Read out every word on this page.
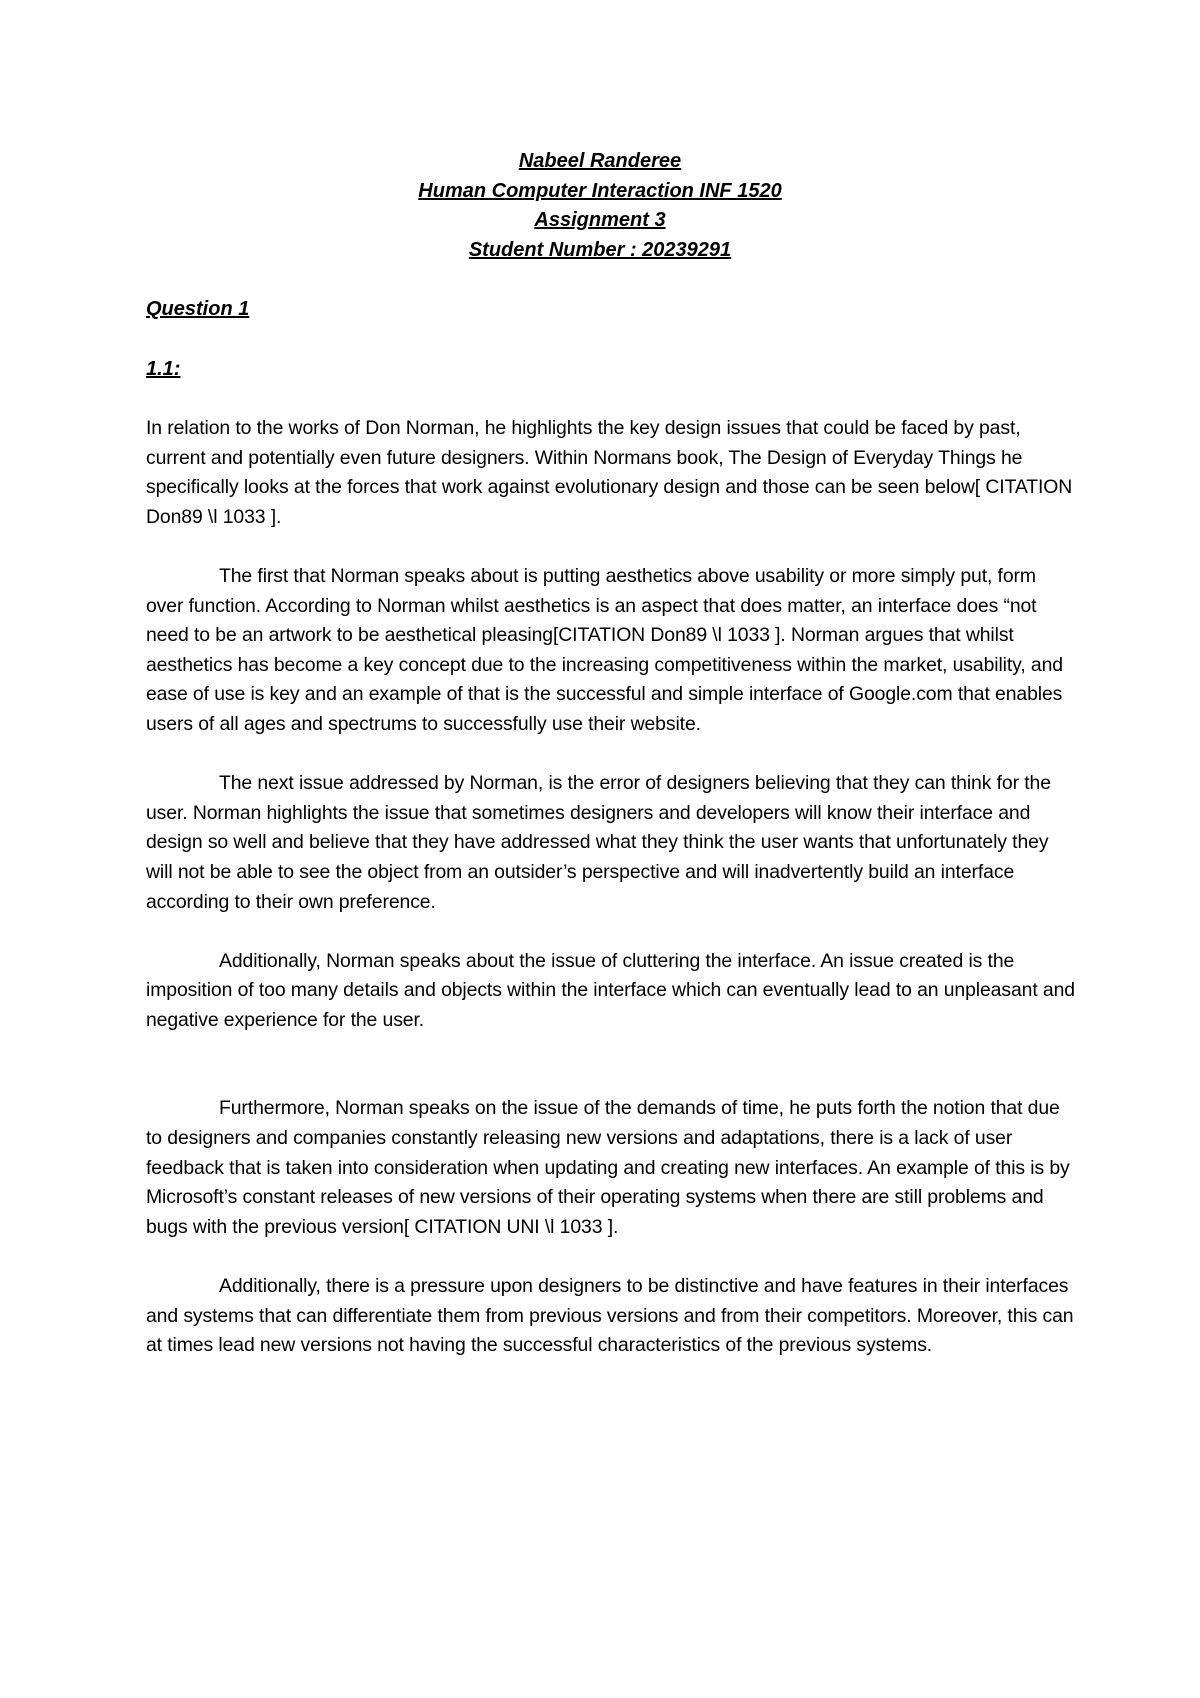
Nabeel Randeree
Human Computer Interaction INF 1520
Assignment 3
Student Number : 20239291

Question 1

1.1:

In relation to the works of Don Norman, he highlights the key design issues that could be faced by past, current and potentially even future designers. Within Normans book, The Design of Everyday Things he specifically looks at the forces that work against evolutionary design and those can be seen below[ CITATION Don89 \l 1033 ].

The first that Norman speaks about is putting aesthetics above usability or more simply put, form over function. According to Norman whilst aesthetics is an aspect that does matter, an interface does “not need to be an artwork to be aesthetical pleasing[CITATION Don89 \l 1033 ]. Norman argues that whilst aesthetics has become a key concept due to the increasing competitiveness within the market, usability, and ease of use is key and an example of that is the successful and simple interface of Google.com that enables users of all ages and spectrums to successfully use their website.

The next issue addressed by Norman, is the error of designers believing that they can think for the user. Norman highlights the issue that sometimes designers and developers will know their interface and design so well and believe that they have addressed what they think the user wants that unfortunately they will not be able to see the object from an outsider’s perspective and will inadvertently build an interface according to their own preference.

Additionally, Norman speaks about the issue of cluttering the interface. An issue created is the imposition of too many details and objects within the interface which can eventually lead to an unpleasant and negative experience for the user.

Furthermore, Norman speaks on the issue of the demands of time, he puts forth the notion that due to designers and companies constantly releasing new versions and adaptations, there is a lack of user feedback that is taken into consideration when updating and creating new interfaces. An example of this is by Microsoft’s constant releases of new versions of their operating systems when there are still problems and bugs with the previous version[ CITATION UNI \l 1033 ].

Additionally, there is a pressure upon designers to be distinctive and have features in their interfaces and systems that can differentiate them from previous versions and from their competitors. Moreover, this can at times lead new versions not having the successful characteristics of the previous systems.
